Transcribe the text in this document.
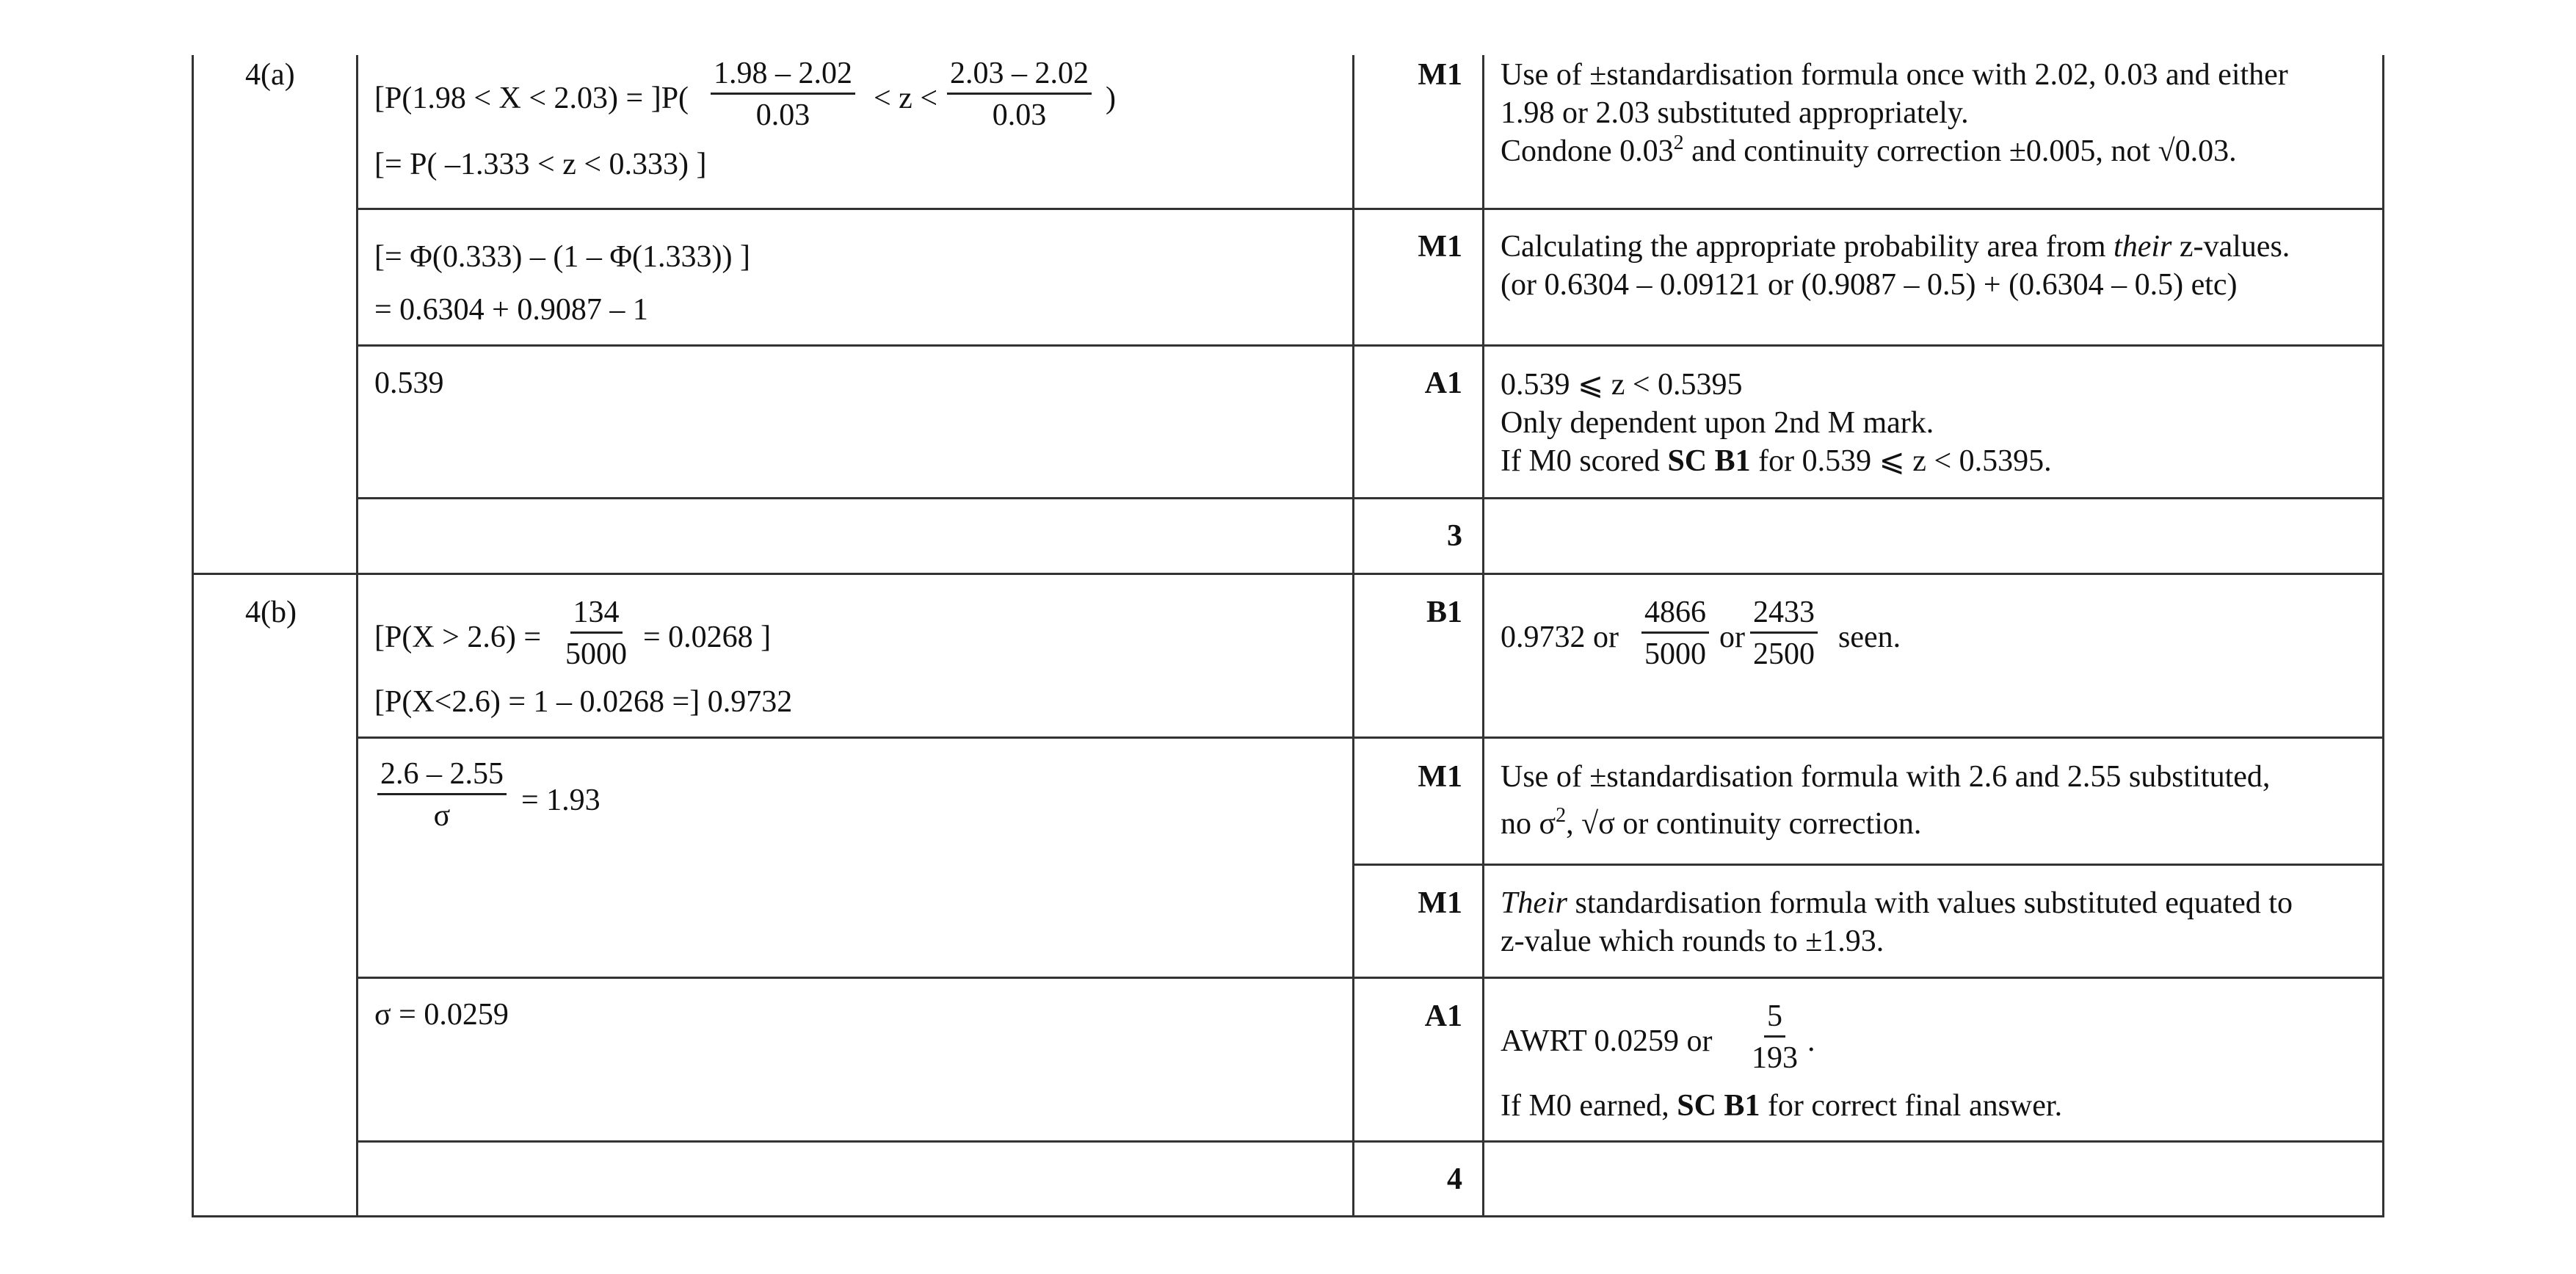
4(a)
$[P(1.98 < X < 2.03) = ]P( \frac{1.98 - 2.02}{0.03} < z < \frac{2.03 - 2.02}{0.03}$ )
[= P( –1.333 < z < 0.333) ]
M1 Use of ±standardisation formula once with 2.02, 0.03 and either
1.98 or 2.03 substituted appropriately.
Condone 0.03$^2$ and continuity correction ±0.005, not √0.03.
[= Φ(0.333) – (1 – Φ(1.333)) ]
= 0.6304 + 0.9087 – 1
M1 Calculating the appropriate probability area from their z-values.
(or 0.6304 – 0.09121 or (0.9087 – 0.5) + (0.6304 – 0.5) etc)
0.539	A1 0.539 ⩽ z < 0.5395
Only dependent upon 2nd M mark.
If M0 scored SC B1 for 0.539 ⩽ z < 0.5395.
3
4(b)
[$P(X > 2.6) = \frac{134}{5000} = 0.0268$ ]
[P(X<2.6) = 1 – 0.0268 =] 0.9732
B1
0.9732 or $\frac{4866}{5000}$ or $\frac{2433}{2500}$ seen.
$\frac{2.6 - 2.55}{\sigma} = 1.93$
M1 Use of ±standardisation formula with 2.6 and 2.55 substituted,
no $\sigma^2$, √σ or continuity correction.
M1 Their standardisation formula with values substituted equated to
z-value which rounds to ±1.93.
σ = 0.0259	A1
AWRT 0.0259 or $\frac{5}{193}$ .
If M0 earned, SC B1 for correct final answer.
4
